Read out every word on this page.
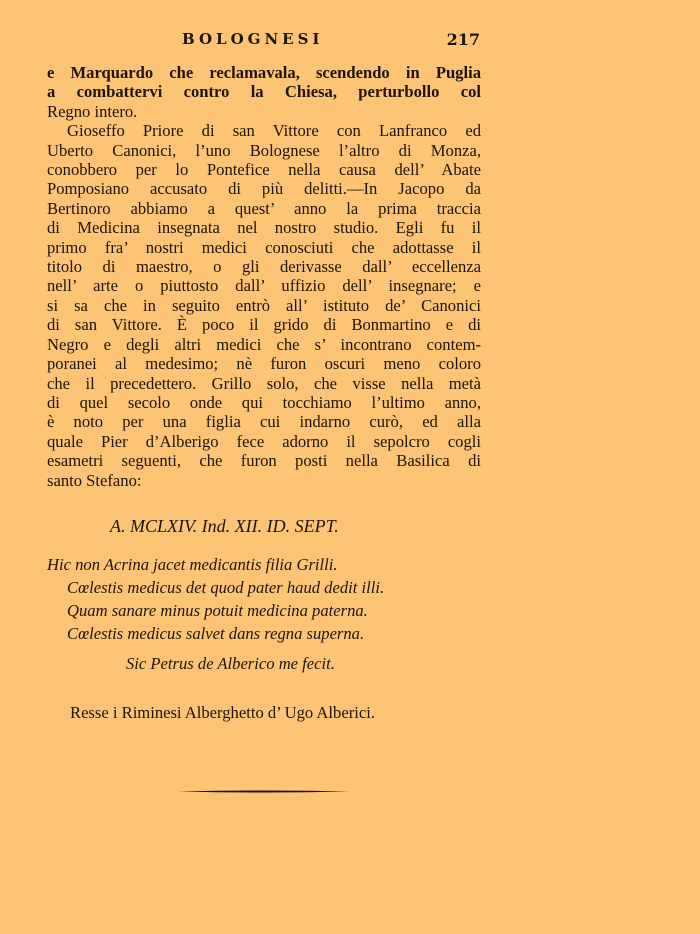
BOLOGNESI	217
e Marquardo che reclamavala, scendendo in Puglia
a combattervi contro la Chiesa, perturbollo col
Regno intero.
Gioseffo Priore di san Vittore con Lanfranco ed
Uberto Canonici, l’uno Bolognese l’altro di Monza,
conobbero per lo Pontefice nella causa dell’ Abate
Pomposiano accusato di più delitti.—In Jacopo da
Bertinoro abbiamo a quest’ anno la prima traccia
di Medicina insegnata nel nostro studio. Egli fu il
primo fra’ nostri medici conosciuti che adottasse il
titolo di maestro, o gli derivasse dall’ eccellenza
nell’ arte o piuttosto dall’ uffizio dell’ insegnare; e
si sa che in seguito entrò all’ istituto de’ Canonici
di san Vittore. È poco il grido di Bonmartino e di
Negro e degli altri medici che s’ incontrano contem-
poranei al medesimo; nè furon oscuri meno coloro
che il precedettero. Grillo solo, che visse nella metà
di quel secolo onde qui tocchiamo l’ultimo anno,
è noto per una figlia cui indarno curò, ed alla
quale Pier d’Alberigo fece adorno il sepolcro cogli
esametri seguenti, che furon posti nella Basilica di
santo Stefano:
A. MCLXIV. Ind. XII. ID. SEPT.
Hic non Acrina jacet medicantis filia Grilli.
Cœlestis medicus det quod pater haud dedit illi.
Quam sanare minus potuit medicina paterna.
Cœlestis medicus salvet dans regna superna.
Sic Petrus de Alberico me fecit.
Resse i Riminesi Alberghetto d’ Ugo Alberici.
